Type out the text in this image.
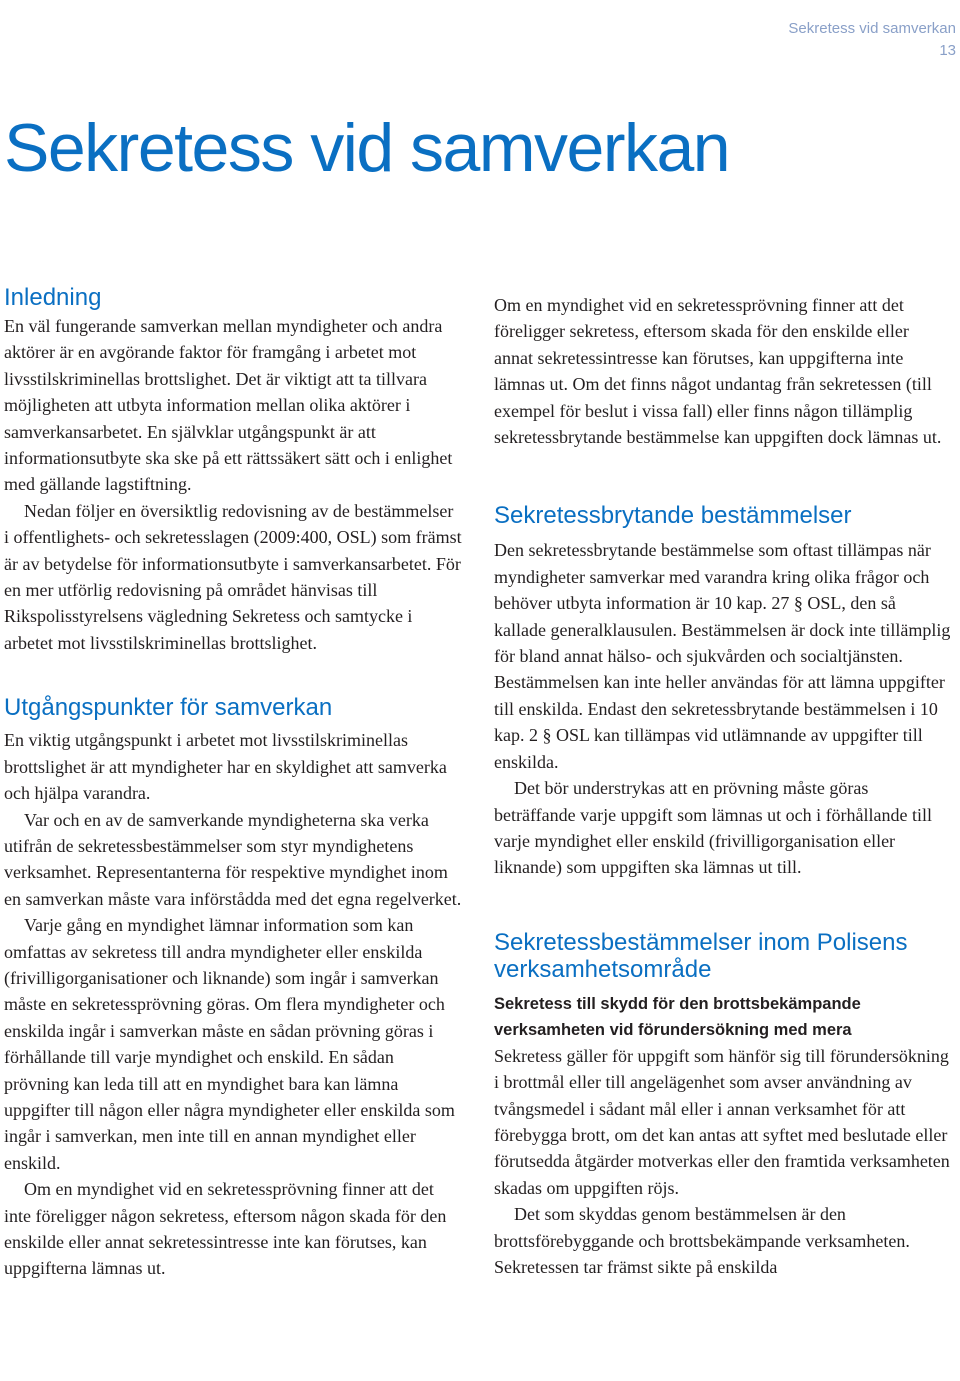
Sekretess vid samverkan
13
Sekretess vid samverkan
Inledning

En väl fungerande samverkan mellan myndigheter och andra aktörer är en avgörande faktor för framgång i arbetet mot livsstilskriminellas brottslighet. Det är viktigt att ta tillvara möjligheten att utbyta information mellan olika aktörer i samverkansarbetet. En självklar utgångspunkt är att informationsutbyte ska ske på ett rättssäkert sätt och i enlighet med gällande lagstiftning.

Nedan följer en översiktlig redovisning av de bestämmelser i offentlighets- och sekretesslagen (2009:400, OSL) som främst är av betydelse för informationsutbyte i samverkansarbetet. För en mer utförlig redovisning på området hänvisas till Rikspolisstyrelsens vägledning Sekretess och samtycke i arbetet mot livsstilskriminellas brottslighet.

Utgångspunkter för samverkan

En viktig utgångspunkt i arbetet mot livsstilskriminellas brottslighet är att myndigheter har en skyldighet att samverka och hjälpa varandra.

Var och en av de samverkande myndigheterna ska verka utifrån de sekretessbestämmelser som styr myndighetens verksamhet. Representanterna för respektive myndighet inom en samverkan måste vara införstådda med det egna regelverket.

Varje gång en myndighet lämnar information som kan omfattas av sekretess till andra myndigheter eller enskilda (frivilligorganisationer och liknande) som ingår i samverkan måste en sekretessprövning göras. Om flera myndigheter och enskilda ingår i samverkan måste en sådan prövning göras i förhållande till varje myndighet och enskild. En sådan prövning kan leda till att en myndighet bara kan lämna uppgifter till någon eller några myndigheter eller enskilda som ingår i samverkan, men inte till en annan myndighet eller enskild.

Om en myndighet vid en sekretessprövning finner att det inte föreligger någon sekretess, eftersom någon skada för den enskilde eller annat sekretessintresse inte kan förutses, kan uppgifterna lämnas ut.

Om en myndighet vid en sekretessprövning finner att det föreligger sekretess, eftersom skada för den enskilde eller annat sekretessintresse kan förutses, kan uppgifterna inte lämnas ut. Om det finns något undantag från sekretessen (till exempel för beslut i vissa fall) eller finns någon tillämplig sekretessbrytande bestämmelse kan uppgiften dock lämnas ut.

Sekretessbrytande bestämmelser

Den sekretessbrytande bestämmelse som oftast tillämpas när myndigheter samverkar med varandra kring olika frågor och behöver utbyta information är 10 kap. 27 § OSL, den så kallade generalklausulen. Bestämmelsen är dock inte tillämplig för bland annat hälso- och sjukvården och socialtjänsten. Bestämmelsen kan inte heller användas för att lämna uppgifter till enskilda. Endast den sekretessbrytande bestämmelsen i 10 kap. 2 § OSL kan tillämpas vid utlämnande av uppgifter till enskilda.

Det bör understrykas att en prövning måste göras beträffande varje uppgift som lämnas ut och i förhållande till varje myndighet eller enskild (frivilligorganisation eller liknande) som uppgiften ska lämnas ut till.

Sekretessbestämmelser inom Polisens verksamhetsområde
Sekretess till skydd för den brottsbekämpande verksamheten vid förundersökning med mera

Sekretess gäller för uppgift som hänför sig till förundersökning i brottmål eller till angelägenhet som avser användning av tvångsmedel i sådant mål eller i annan verksamhet för att förebygga brott, om det kan antas att syftet med beslutade eller förutsedda åtgärder motverkas eller den framtida verksamheten skadas om uppgiften röjs.

Det som skyddas genom bestämmelsen är den brottsförebyggande och brottsbekämpande verksamheten. Sekretessen tar främst sikte på enskilda
